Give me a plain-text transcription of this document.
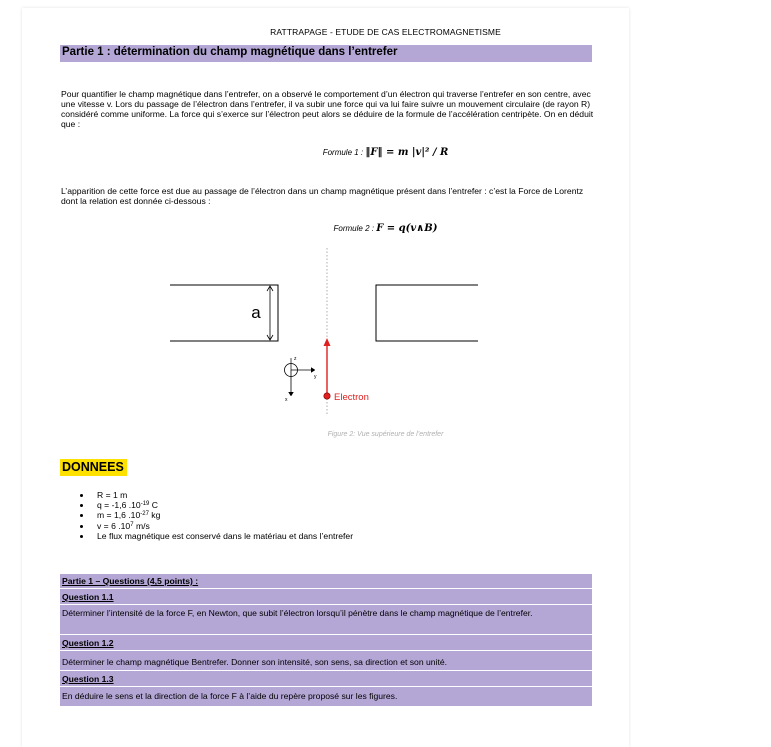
RATTRAPAGE - ETUDE DE CAS ELECTROMAGNETISME
Partie 1 : détermination du champ magnétique dans l’entrefer
Pour quantifier le champ magnétique dans l’entrefer, on a observé le comportement d’un électron qui traverse l’entrefer en son centre, avec une vitesse v. Lors du passage de l’électron dans l’entrefer, il va subir une force qui va lui faire suivre un mouvement circulaire (de rayon R) considéré comme uniforme. La force qui s’exerce sur l’électron peut alors se déduire de la formule de l’accélération centripète. On en déduit que :
Formule 1 : ‖F‖ = m |v|² / R
L’apparition de cette force est due au passage de l’électron dans un champ magnétique présent dans l’entrefer : c’est la Force de Lorentz dont la relation est donnée ci-dessous :
Formule 2 : F = q(v∧B)
a
Electron
z
y
x
Figure 2: Vue supérieure de l’entrefer
DONNEES
R = 1 m
q = -1,6 $.10^{-19}$ C
m = 1,6 $.10^{-27}$ kg
v = 6 $.10^7$ m/s
Le flux magnétique est conservé dans le matériau et dans l’entrefer
Partie 1 – Questions (4,5 points) :
Question 1.1
Déterminer l’intensité de la force F, en Newton, que subit l’électron lorsqu’il pénètre dans le champ magnétique de l’entrefer.
Question 1.2
Déterminer le champ magnétique Bentrefer. Donner son intensité, son sens, sa direction et son unité.
Question 1.3
En déduire le sens et la direction de la force F à l’aide du repère proposé sur les figures.
